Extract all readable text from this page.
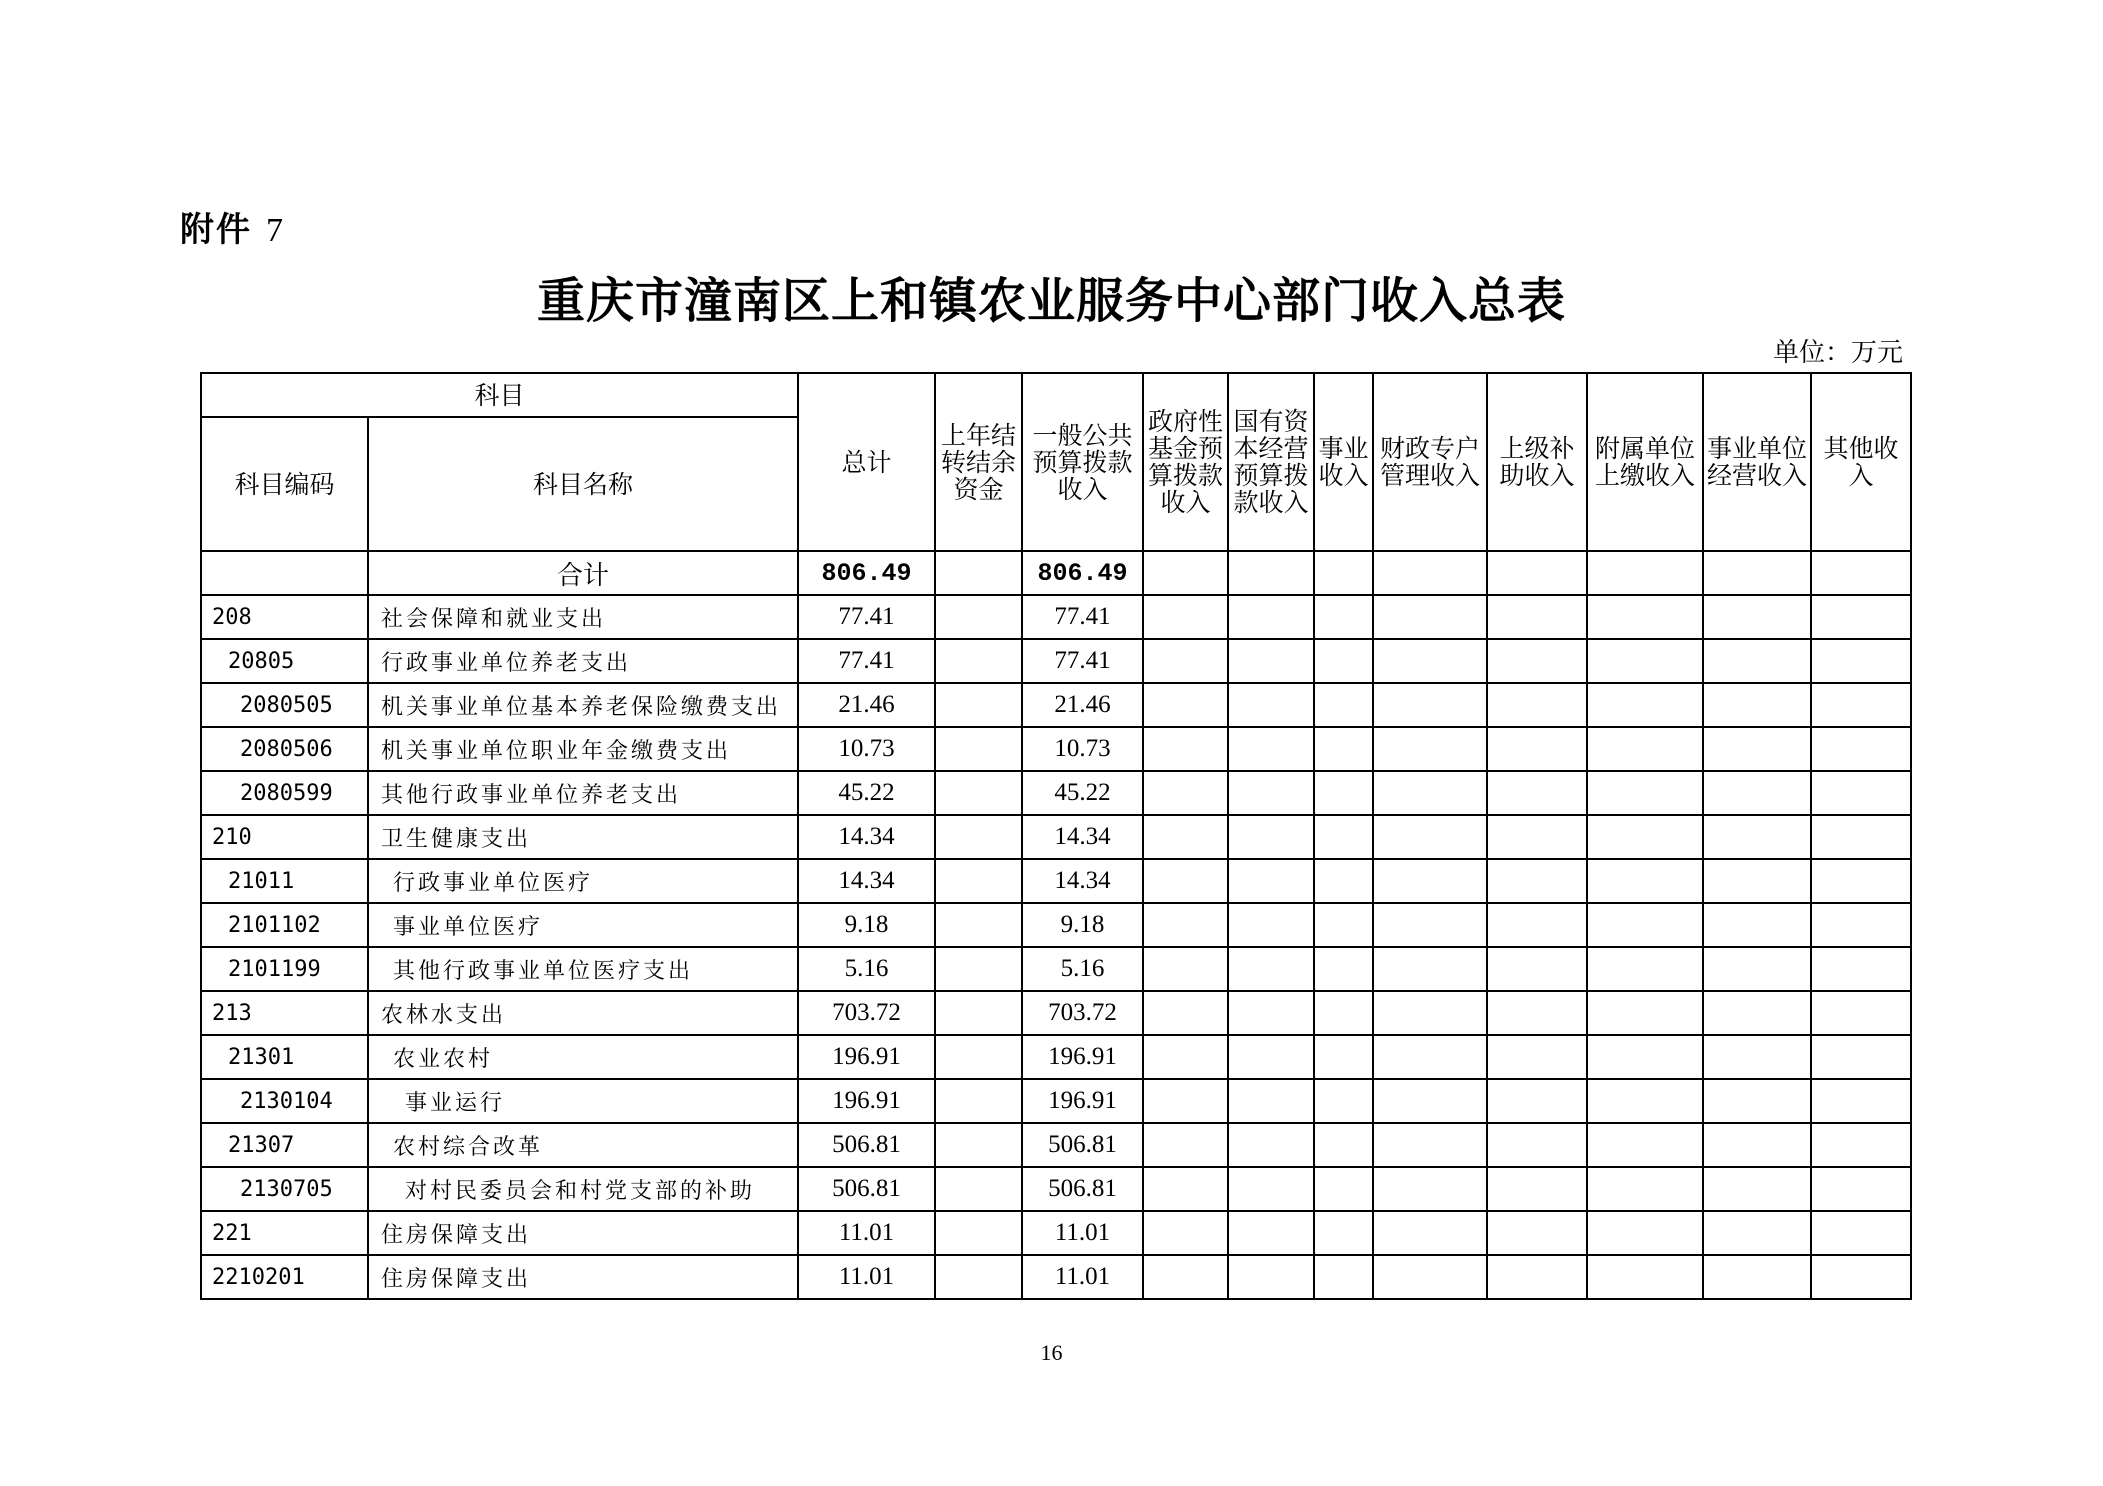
附件 7
重庆市潼南区上和镇农业服务中心部门收入总表
单位：万元
科目		总计	上年结转结余资金	一般公共预算拨款收入	政府性基金预算拨款收入	国有资本经营预算拨款收入	事业收入	财政专户管理收入	上级补助收入	附属单位上缴收入	事业单位经营收入	其他收入
科目编码	科目名称											
	合计	806.49		806.49								
208	社会保障和就业支出	77.41		77.41								
20805	行政事业单位养老支出	77.41		77.41								
2080505	机关事业单位基本养老保险缴费支出	21.46		21.46								
2080506	机关事业单位职业年金缴费支出	10.73		10.73								
2080599	其他行政事业单位养老支出	45.22		45.22								
210	卫生健康支出	14.34		14.34								
21011	行政事业单位医疗	14.34		14.34								
2101102	事业单位医疗	9.18		9.18								
2101199	其他行政事业单位医疗支出	5.16		5.16								
213	农林水支出	703.72		703.72								
21301	农业农村	196.91		196.91								
2130104	事业运行	196.91		196.91								
21307	农村综合改革	506.81		506.81								
2130705	对村民委员会和村党支部的补助	506.81		506.81								
221	住房保障支出	11.01		11.01								
2210201	住房保障支出	11.01		11.01								
16
